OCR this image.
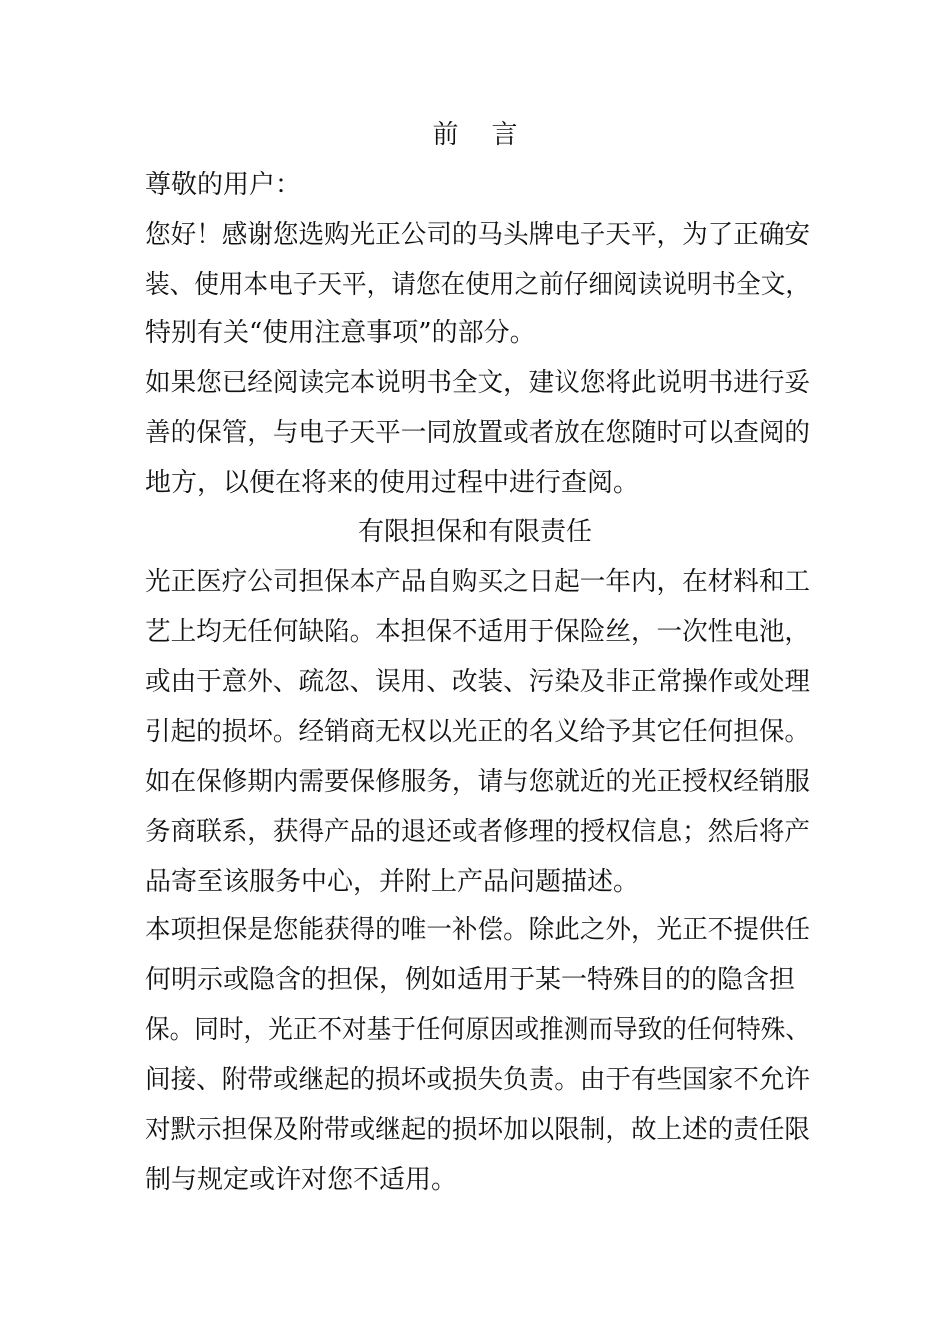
前    言
尊敬的用户：
您好！感谢您选购光正公司的马头牌电子天平，为了正确安
装、使用本电子天平，请您在使用之前仔细阅读说明书全文，
特别有关“使用注意事项”的部分。
如果您已经阅读完本说明书全文，建议您将此说明书进行妥
善的保管，与电子天平一同放置或者放在您随时可以查阅的
地方，以便在将来的使用过程中进行查阅。
有限担保和有限责任
光正医疗公司担保本产品自购买之日起一年内，在材料和工
艺上均无任何缺陷。本担保不适用于保险丝，一次性电池，
或由于意外、疏忽、误用、改装、污染及非正常操作或处理
引起的损坏。经销商无权以光正的名义给予其它任何担保。
如在保修期内需要保修服务，请与您就近的光正授权经销服
务商联系，获得产品的退还或者修理的授权信息；然后将产
品寄至该服务中心，并附上产品问题描述。
本项担保是您能获得的唯一补偿。除此之外，光正不提供任
何明示或隐含的担保，例如适用于某一特殊目的的隐含担
保。同时，光正不对基于任何原因或推测而导致的任何特殊、
间接、附带或继起的损坏或损失负责。由于有些国家不允许
对默示担保及附带或继起的损坏加以限制，故上述的责任限
制与规定或许对您不适用。
